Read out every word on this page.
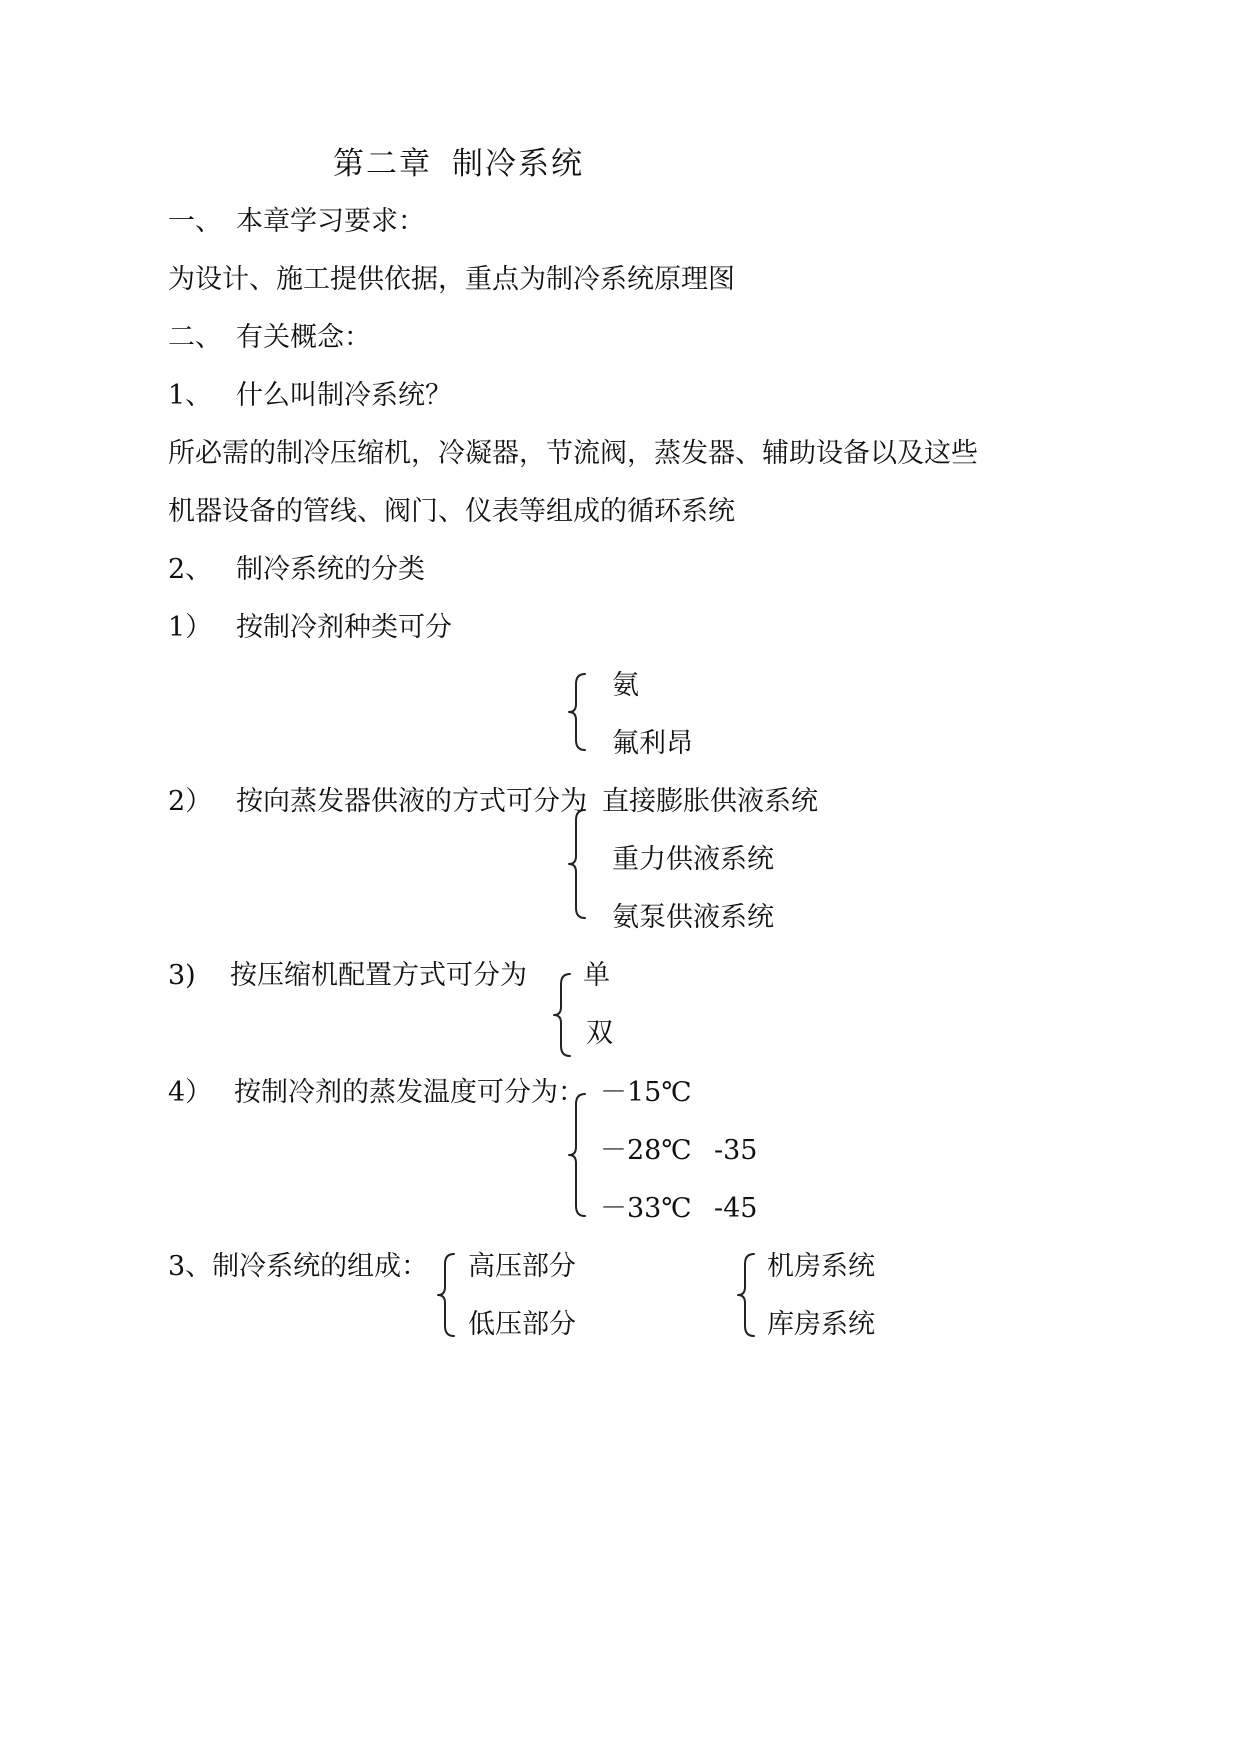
第二章 制冷系统
一、 本章学习要求：
为设计、施工提供依据，重点为制冷系统原理图
二、 有关概念：
1、 什么叫制冷系统？
所必需的制冷压缩机，冷凝器，节流阀，蒸发器、辅助设备以及这些
机器设备的管线、阀门、仪表等组成的循环系统
2、 制冷系统的分类
1） 按制冷剂种类可分
氨
氟利昂
2） 按向蒸发器供液的方式可分为 直接膨胀供液系统
重力供液系统
氨泵供液系统
3) 按压缩机配置方式可分为 单
双
4） 按制冷剂的蒸发温度可分为： －15℃
－28℃ -35
－33℃ -45
3、制冷系统的组成： 高压部分
低压部分
机房系统
库房系统
